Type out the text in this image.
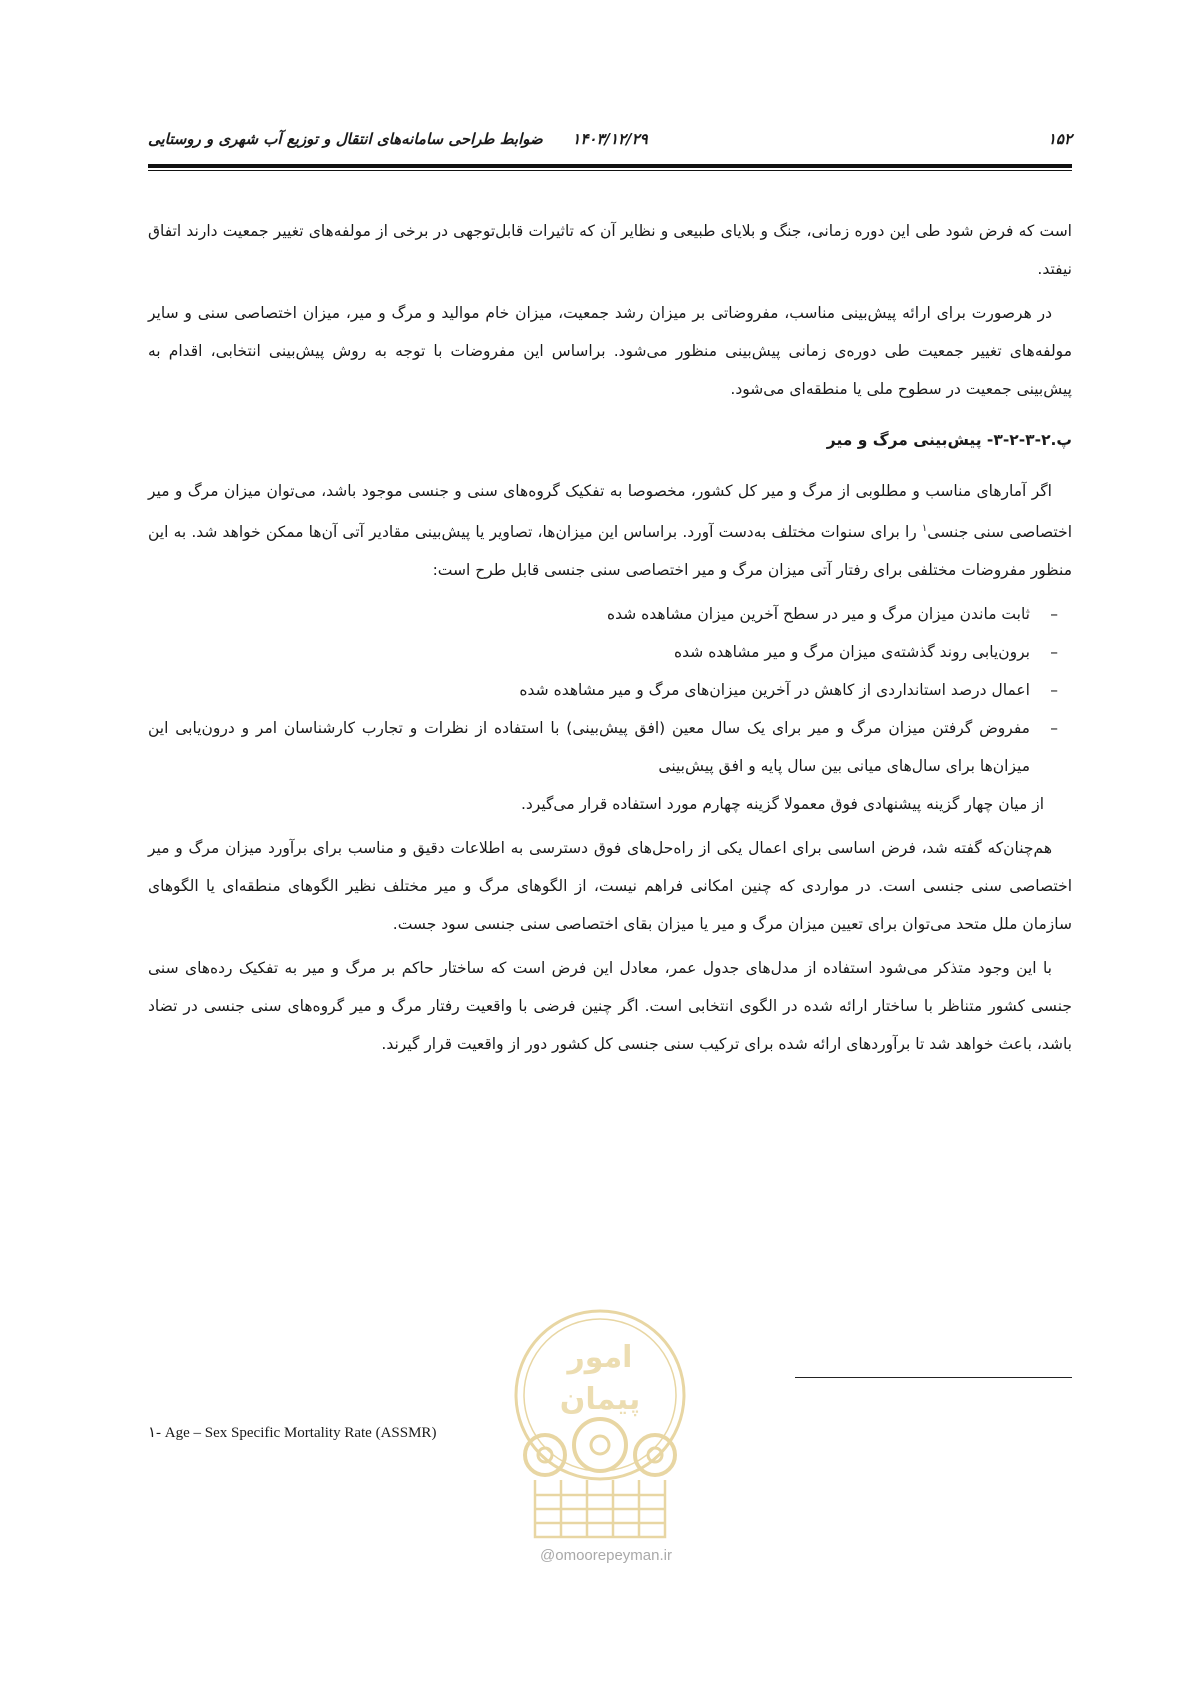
۱۵۲
۱۴۰۳/۱۲/۲۹
ضوابط طراحی سامانه‌های انتقال و توزیع آب شهری و روستایی

است که فرض شود طی این دوره زمانی، جنگ و بلایای طبیعی و نظایر آن که تاثیرات قابل‌توجهی در برخی از مولفه‌های تغییر جمعیت دارند اتفاق نیفتد.

در هرصورت برای ارائه پیش‌بینی مناسب، مفروضاتی بر میزان رشد جمعیت، میزان خام موالید و مرگ و میر، میزان اختصاصی سنی و سایر مولفه‌های تغییر جمعیت طی دوره‌ی زمانی پیش‌بینی منظور می‌شود. براساس این مفروضات با توجه به روش پیش‌بینی انتخابی، اقدام به پیش‌بینی جمعیت در سطوح ملی یا منطقه‌ای می‌شود.

پ.۲-۳-۲-۳- پیش‌بینی مرگ و میر

اگر آمارهای مناسب و مطلوبی از مرگ و میر کل کشور، مخصوصا به تفکیک گروه‌های سنی و جنسی موجود باشد، می‌توان میزان مرگ و میر اختصاصی سنی جنسی$^۱$ را برای سنوات مختلف به‌دست آورد. براساس این میزان‌ها، تصاویر یا پیش‌بینی مقادیر آتی آن‌ها ممکن خواهد شد. به این منظور مفروضات مختلفی برای رفتار آتی میزان مرگ و میر اختصاصی سنی جنسی قابل طرح است:

–
ثابت ماندن میزان مرگ و میر در سطح آخرین میزان مشاهده شده
–
برون‌یابی روند گذشته‌ی میزان مرگ و میر مشاهده شده
–
اعمال درصد استانداردی از کاهش در آخرین میزان‌های مرگ و میر مشاهده شده
–
مفروض گرفتن میزان مرگ و میر برای یک سال معین (افق پیش‌بینی) با استفاده از نظرات و تجارب کارشناسان امر و درون‌یابی این میزان‌ها برای سال‌های میانی بین سال پایه و افق پیش‌بینی

از میان چهار گزینه پیشنهادی فوق معمولا گزینه چهارم مورد استفاده قرار می‌گیرد.

هم‌چنان‌که گفته شد، فرض اساسی برای اعمال یکی از راه‌حل‌های فوق دسترسی به اطلاعات دقیق و مناسب برای برآورد میزان مرگ و میر اختصاصی سنی جنسی است. در مواردی که چنین امکانی فراهم نیست، از الگوهای مرگ و میر مختلف نظیر الگوهای منطقه‌ای یا الگوهای سازمان ملل متحد می‌توان برای تعیین میزان مرگ و میر یا میزان بقای اختصاصی سنی جنسی سود جست.

با این وجود متذکر می‌شود استفاده از مدل‌های جدول عمر، معادل این فرض است که ساختار حاکم بر مرگ و میر به تفکیک رده‌های سنی جنسی کشور متناظر با ساختار ارائه شده در الگوی انتخابی است. اگر چنین فرضی با واقعیت رفتار مرگ و میر گروه‌های سنی جنسی در تضاد باشد، باعث خواهد شد تا برآوردهای ارائه شده برای ترکیب سنی جنسی کل کشور دور از واقعیت قرار گیرند.

۱- Age – Sex Specific Mortality Rate (ASSMR)
امور
پیمان
@omoorepeyman.ir
